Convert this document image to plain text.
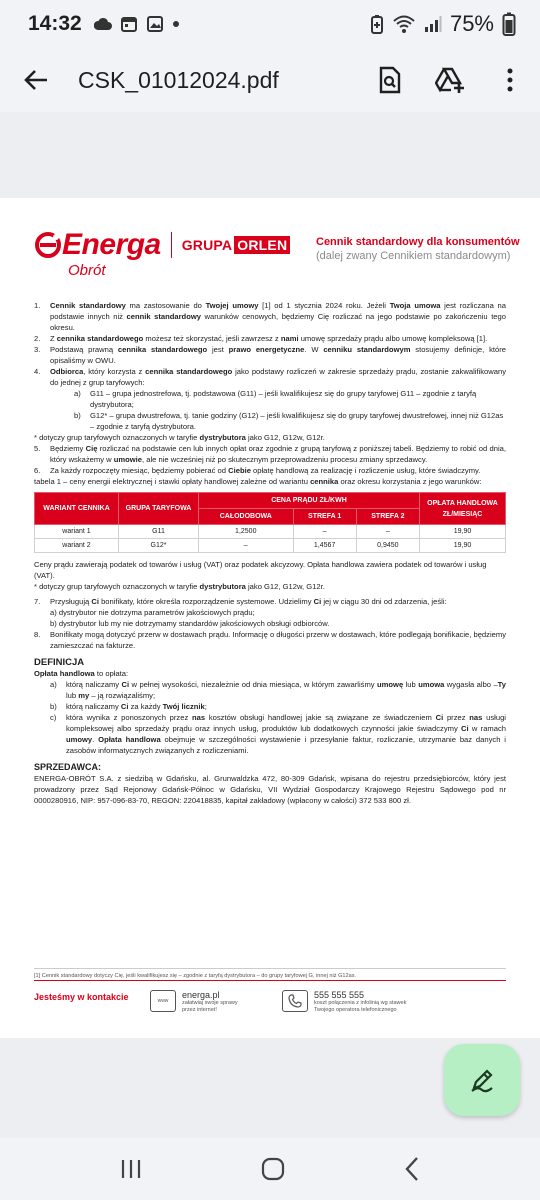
14:32	75%
CSK_01012024.pdf
Energa
Obrót
GRUPA ORLEN	Cennik standardowy dla konsumentów
(dalej zwany Cennikiem standardowym)
1.	Cennik standardowy ma zastosowanie do Twojej umowy [1] od 1 stycznia 2024 roku. Jeżeli Twoja umowa jest rozliczana na podstawie innych niż cennik standardowy warunków cenowych, będziemy Cię rozliczać na jego podstawie po zakończeniu tego okresu.
2.	Z cennika standardowego możesz też skorzystać, jeśli zawrzesz z nami umowę sprzedaży prądu albo umowę kompleksową [1].
3.	Podstawą prawną cennika standardowego jest prawo energetyczne. W cenniku standardowym stosujemy definicje, które opisaliśmy w OWU.
4.	Odbiorca, który korzysta z cennika standardowego jako podstawy rozliczeń w zakresie sprzedaży prądu, zostanie zakwalifikowany do jednej z grup taryfowych:
a)	G11 – grupa jednostrefowa, tj. podstawowa (G11) – jeśli kwalifikujesz się do grupy taryfowej G11 – zgodnie z taryfą dystrybutora;
b)	G12* – grupa dwustrefowa, tj. tanie godziny (G12) – jeśli kwalifikujesz się do grupy taryfowej dwustrefowej, innej niż G12as – zgodnie z taryfą dystrybutora.

* dotyczy grup taryfowych oznaczonych w taryfie dystrybutora jako G12, G12w, G12r.

5.	Będziemy Cię rozliczać na podstawie cen lub innych opłat oraz zgodnie z grupą taryfową z poniższej tabeli. Będziemy to robić od dnia, który wskażemy w umowie, ale nie wcześniej niż po skutecznym przeprowadzeniu procesu zmiany sprzedawcy.
6.	Za każdy rozpoczęty miesiąc, będziemy pobierać od Ciebie opłatę handlową za realizację i rozliczenie usług, które świadczymy.

tabela 1 – ceny energii elektrycznej i stawki opłaty handlowej zależne od wariantu cennika oraz okresu korzystania z jego warunków:

WARIANT CENNIKA	GRUPA TARYFOWA	CENA PRĄDU ZŁ/KWH			OPŁATA HANDLOWA ZŁ/MIESIĄC
		CAŁODOBOWA	STREFA 1	STREFA 2	
wariant 1	G11	1,2500	–	–	19,90
wariant 2	G12*	–	1,4567	0,9450	19,90

Ceny prądu zawierają podatek od towarów i usług (VAT) oraz podatek akcyzowy. Opłata handlowa zawiera podatek od towarów i usług (VAT).

* dotyczy grup taryfowych oznaczonych w taryfie dystrybutora jako G12, G12w, G12r.

7.	Przysługują Ci bonifikaty, które określa rozporządzenie systemowe. Udzielimy Ci jej w ciągu 30 dni od zdarzenia, jeśli:
a) dystrybutor nie dotrzyma parametrów jakościowych prądu;
b) dystrybutor lub my nie dotrzymamy standardów jakościowych obsługi odbiorców.
8.	Bonifikaty mogą dotyczyć przerw w dostawach prądu. Informację o długości przerw w dostawach, które podlegają bonifikacie, będziemy zamieszczać na fakturze.
DEFINICJA

Opłata handlowa to opłata:

a)	którą naliczamy Ci w pełnej wysokości, niezależnie od dnia miesiąca, w którym zawarliśmy umowę lub umowa wygasła albo –Ty lub my – ją rozwiązaliśmy;
b)	którą naliczamy Ci za każdy Twój licznik;
c)	która wynika z ponoszonych przez nas kosztów obsługi handlowej jakie są związane ze świadczeniem Ci przez nas usługi kompleksowej albo sprzedaży prądu oraz innych usług, produktów lub dodatkowych czynności jakie świadczymy Ci w ramach umowy. Opłata handlowa obejmuje w szczególności wystawienie i przesyłanie faktur, rozliczanie, utrzymanie baz danych i zasobów informatycznych związanych z rozliczeniami.
SPRZEDAWCA:

ENERGA-OBRÓT S.A. z siedzibą w Gdańsku, al. Grunwaldzka 472, 80-309 Gdańsk, wpisana do rejestru przedsiębiorców, który jest prowadzony przez Sąd Rejonowy Gdańsk-Północ w Gdańsku, VII Wydział Gospodarczy Krajowego Rejestru Sądowego pod nr 0000280916, NIP: 957-096-83-70, REGON: 220418835, kapitał zakładowy (wpłacony w całości) 372 533 800 zł.

[1] Cennik standardowy dotyczy Cię, jeśli kwalifikujesz się – zgodnie z taryfą dystrybutora – do grupy taryfowej G, innej niż G12as.
Jesteśmy w kontakcie	www
energa.pl
załatwiaj swoje sprawy
przez internet!
555 555 555
koszt połączenia z infolinią wg stawek
Twojego operatora telefonicznego
